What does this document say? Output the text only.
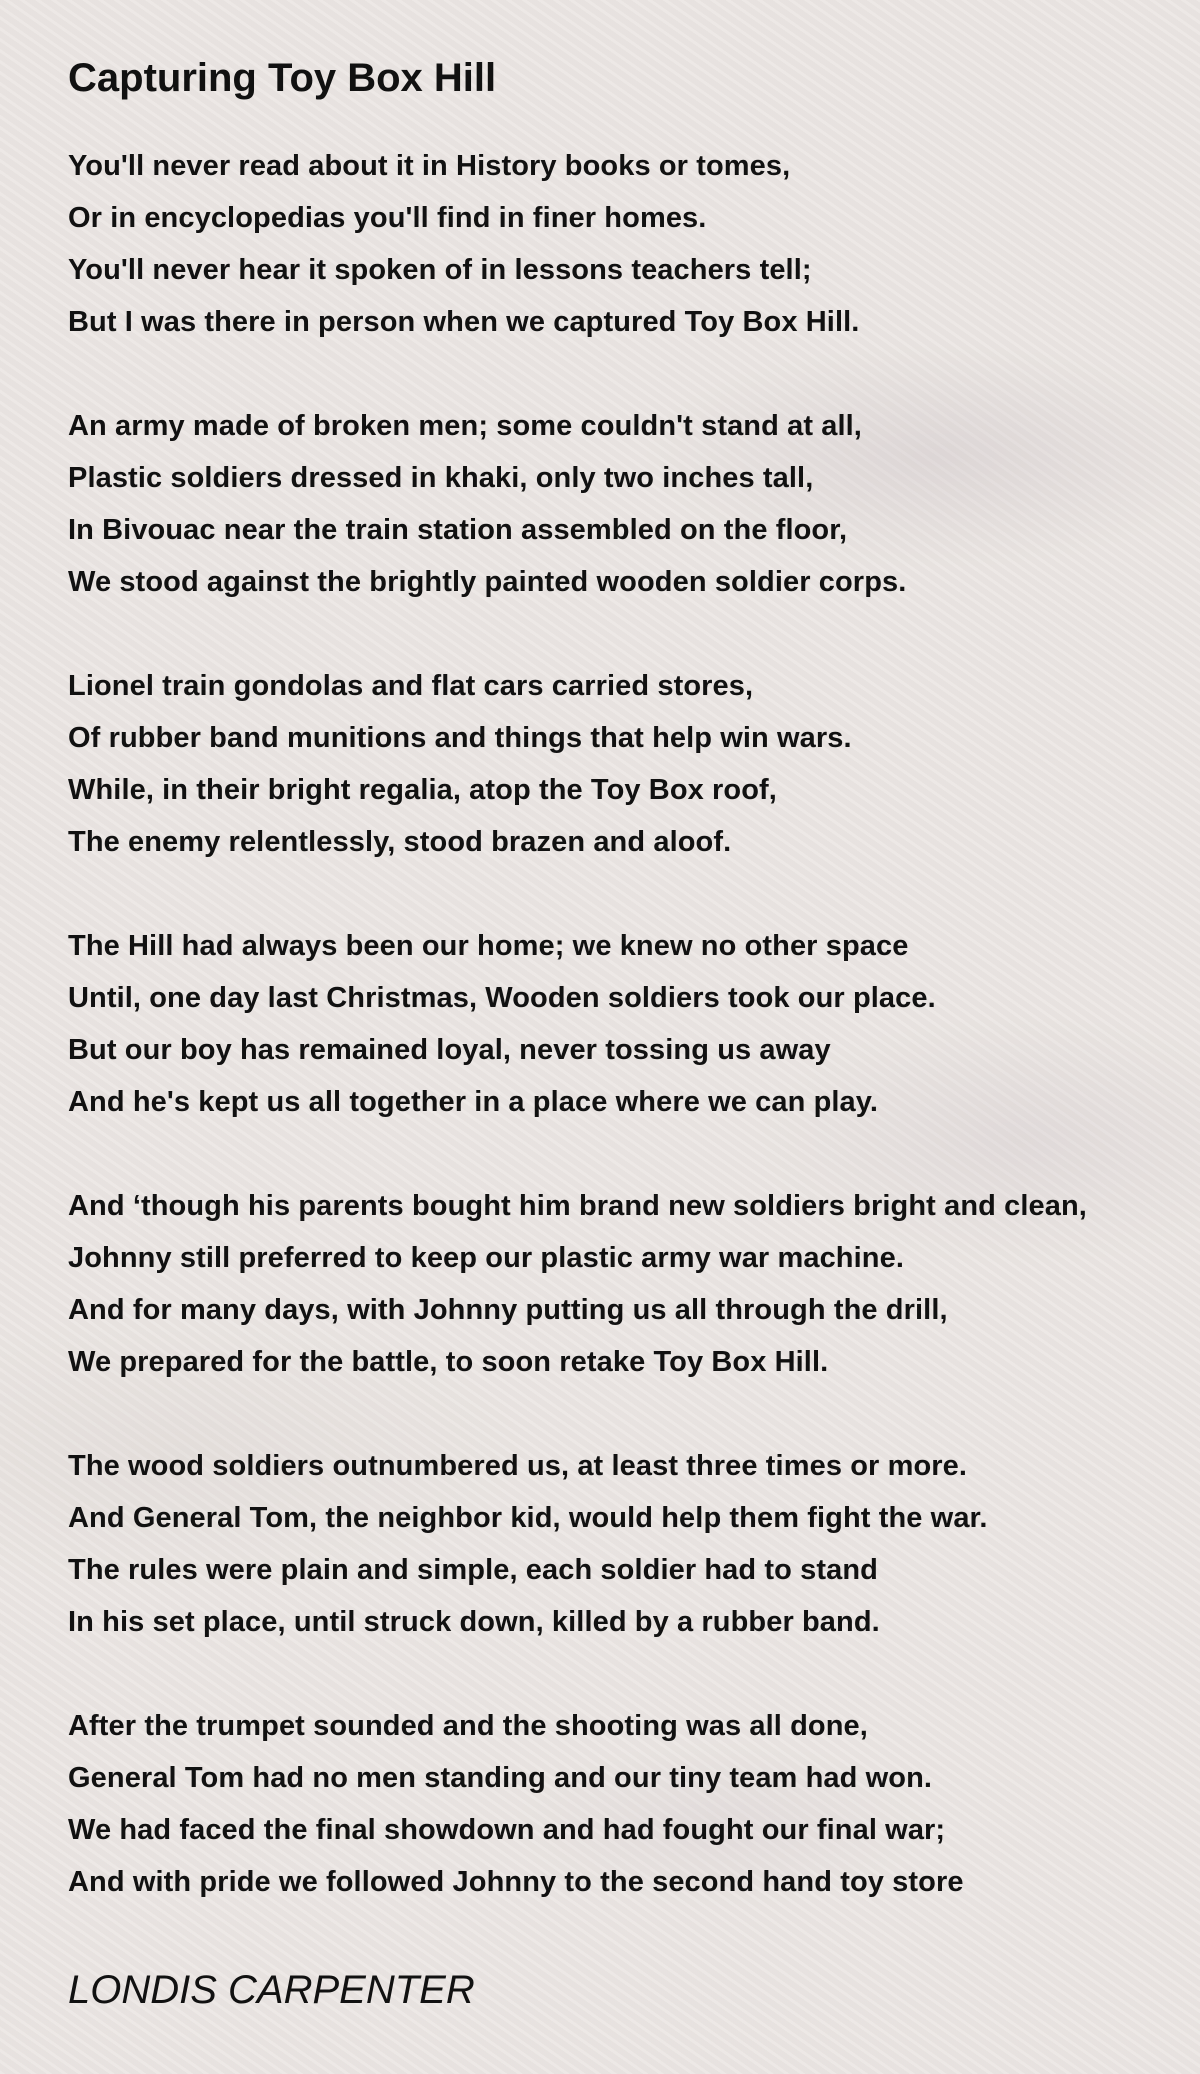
Capturing Toy Box Hill
You'll never read about it in History books or tomes,
Or in encyclopedias you'll find in finer homes.
You'll never hear it spoken of in lessons teachers tell;
But I was there in person when we captured Toy Box Hill.
An army made of broken men; some couldn't stand at all,
Plastic soldiers dressed in khaki, only two inches tall,
In Bivouac near the train station assembled on the floor,
We stood against the brightly painted wooden soldier corps.
Lionel train gondolas and flat cars carried stores,
Of rubber band munitions and things that help win wars.
While, in their bright regalia, atop the Toy Box roof,
The enemy relentlessly, stood brazen and aloof.
The Hill had always been our home; we knew no other space
Until, one day last Christmas, Wooden soldiers took our place.
But our boy has remained loyal, never tossing us away
And he's kept us all together in a place where we can play.
And ‘though his parents bought him brand new soldiers bright and clean,
Johnny still preferred to keep our plastic army war machine.
And for many days, with Johnny putting us all through the drill,
We prepared for the battle, to soon retake Toy Box Hill.
The wood soldiers outnumbered us, at least three times or more.
And General Tom, the neighbor kid, would help them fight the war.
The rules were plain and simple, each soldier had to stand
In his set place, until struck down, killed by a rubber band.
After the trumpet sounded and the shooting was all done,
General Tom had no men standing and our tiny team had won.
We had faced the final showdown and had fought our final war;
And with pride we followed Johnny to the second hand toy store
LONDIS CARPENTER
